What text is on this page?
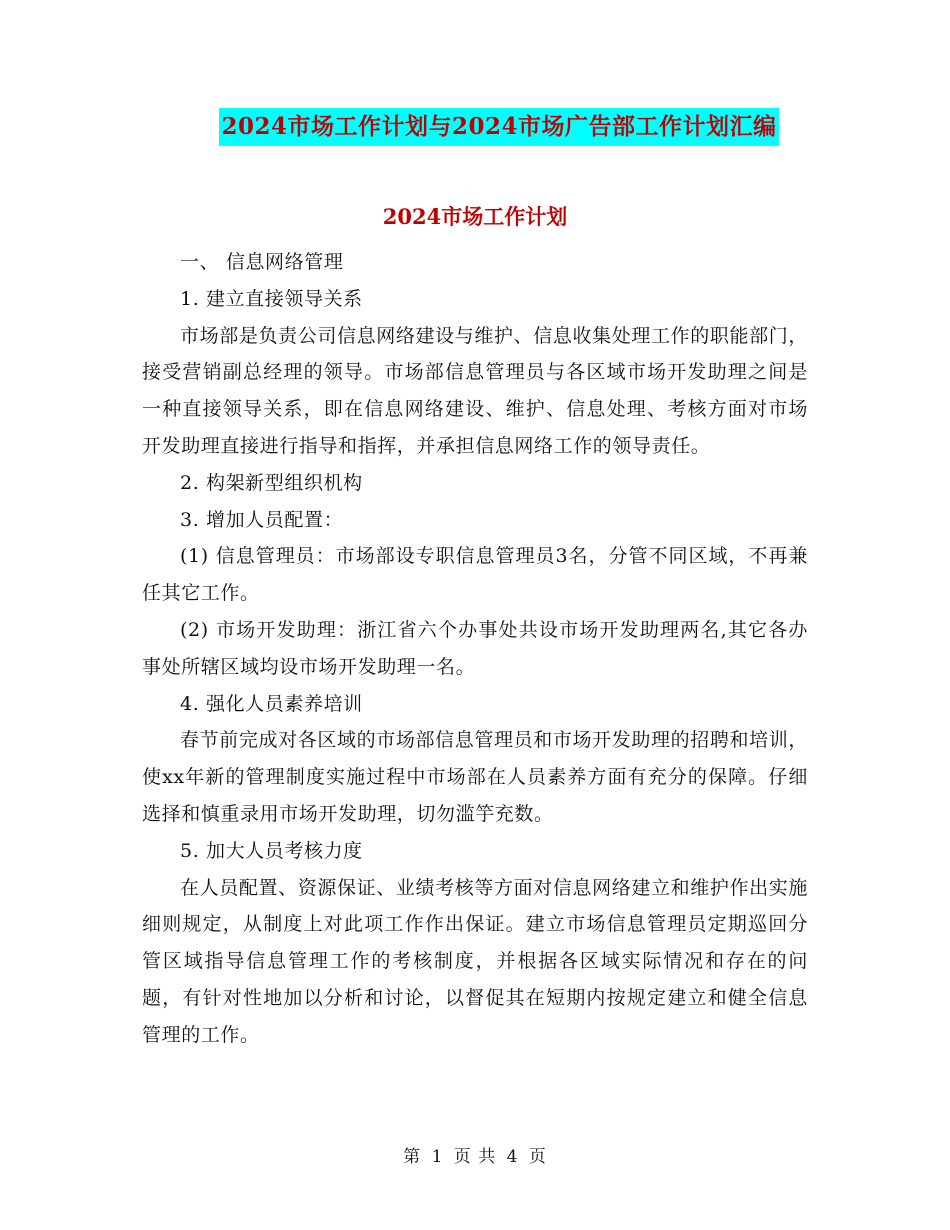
2024市场工作计划与2024市场广告部工作计划汇编
2024市场工作计划

一、 信息网络管理

1. 建立直接领导关系

市场部是负责公司信息网络建设与维护、信息收集处理工作的职能部门，接受营销副总经理的领导。市场部信息管理员与各区域市场开发助理之间是一种直接领导关系，即在信息网络建设、维护、信息处理、考核方面对市场开发助理直接进行指导和指挥，并承担信息网络工作的领导责任。

2. 构架新型组织机构

3. 增加人员配置：

(1) 信息管理员：市场部设专职信息管理员3名，分管不同区域，不再兼任其它工作。

(2) 市场开发助理：浙江省六个办事处共设市场开发助理两名,其它各办事处所辖区域均设市场开发助理一名。

4. 强化人员素养培训

春节前完成对各区域的市场部信息管理员和市场开发助理的招聘和培训，使xx年新的管理制度实施过程中市场部在人员素养方面有充分的保障。仔细选择和慎重录用市场开发助理，切勿滥竽充数。

5. 加大人员考核力度

在人员配置、资源保证、业绩考核等方面对信息网络建立和维护作出实施细则规定，从制度上对此项工作作出保证。建立市场信息管理员定期巡回分管区域指导信息管理工作的考核制度，并根据各区域实际情况和存在的问题，有针对性地加以分析和讨论，以督促其在短期内按规定建立和健全信息管理的工作。

第 1 页 共 4 页
